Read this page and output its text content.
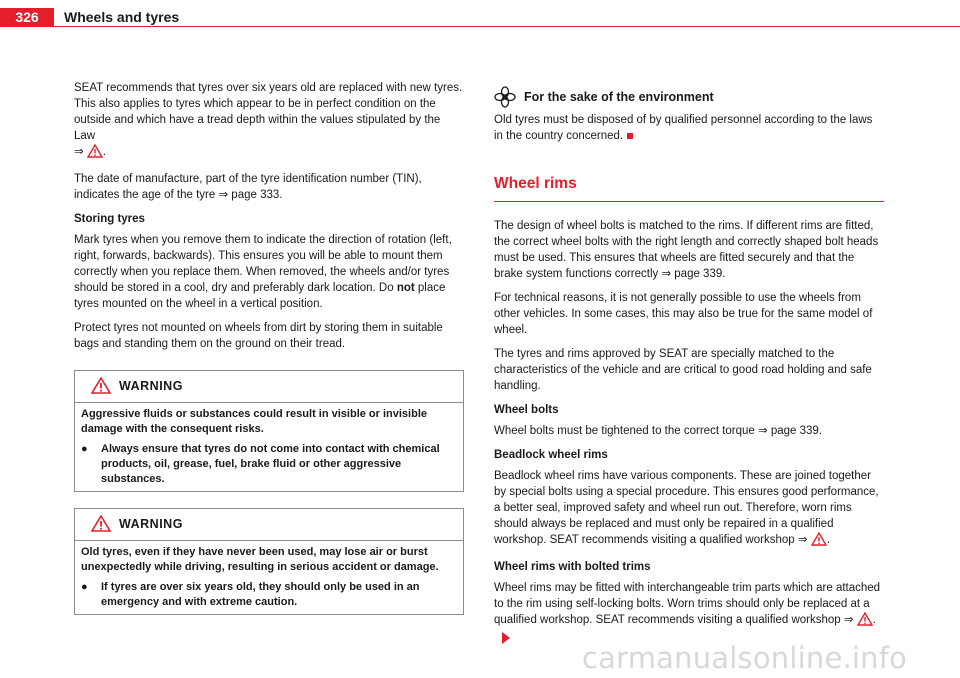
326	Wheels and tyres

SEAT recommends that tyres over six years old are replaced with new tyres. This also applies to tyres which appear to be in perfect condition on the outside and which have a tread depth within the values stipulated by the Law
⇒ .

The date of manufacture, part of the tyre identification number (TIN), indicates the age of the tyre ⇒ page 333.

Storing tyres

Mark tyres when you remove them to indicate the direction of rotation (left, right, forwards, backwards). This ensures you will be able to mount them correctly when you replace them. When removed, the wheels and/or tyres should be stored in a cool, dry and preferably dark location. Do not place tyres mounted on the wheel in a vertical position.

Protect tyres not mounted on wheels from dirt by storing them in suitable bags and standing them on the ground on their tread.

WARNING

Aggressive fluids or substances could result in visible or invisible damage with the consequent risks.

●	Always ensure that tyres do not come into contact with chemical products, oil, grease, fuel, brake fluid or other aggressive substances.
WARNING

Old tyres, even if they have never been used, may lose air or burst unexpectedly while driving, resulting in serious accident or damage.

●	If tyres are over six years old, they should only be used in an emergency and with extreme caution.
For the sake of the environment

Old tyres must be disposed of by qualified personnel according to the laws in the country concerned.

Wheel rims

The design of wheel bolts is matched to the rims. If different rims are fitted, the correct wheel bolts with the right length and correctly shaped bolt heads must be used. This ensures that wheels are fitted securely and that the brake system functions correctly ⇒ page 339.

For technical reasons, it is not generally possible to use the wheels from other vehicles. In some cases, this may also be true for the same model of wheel.

The tyres and rims approved by SEAT are specially matched to the characteristics of the vehicle and are critical to good road holding and safe handling.

Wheel bolts

Wheel bolts must be tightened to the correct torque ⇒ page 339.

Beadlock wheel rims

Beadlock wheel rims have various components. These are joined together by special bolts using a special procedure. This ensures good performance, a better seal, improved safety and wheel run out. Therefore, worn rims should always be replaced and must only be repaired in a qualified workshop. SEAT recommends visiting a qualified workshop ⇒ .

Wheel rims with bolted trims

Wheel rims may be fitted with interchangeable trim parts which are attached to the rim using self-locking bolts. Worn trims should only be replaced at a qualified workshop. SEAT recommends visiting a qualified workshop ⇒ .

carmanualsonline.info
